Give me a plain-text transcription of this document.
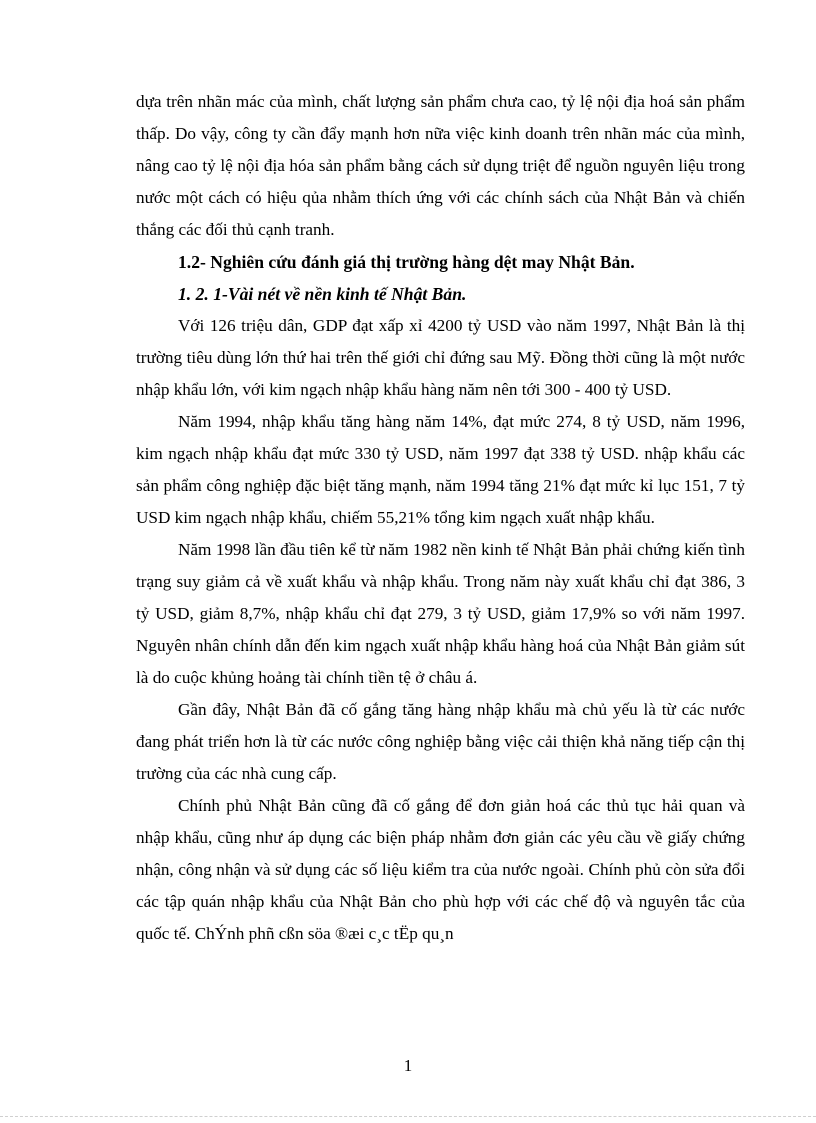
dựa trên nhãn mác của mình, chất lượng sản phẩm chưa cao, tỷ lệ nội địa hoá sản phẩm thấp. Do vậy, công ty cần đẩy mạnh hơn nữa việc kinh doanh trên nhãn mác của mình, nâng cao tỷ lệ nội địa hóa sản phẩm bằng cách sử dụng triệt để nguồn nguyên liệu trong nước một cách có hiệu qủa nhằm thích ứng với các chính sách của Nhật Bản và chiến thắng các đối thủ cạnh tranh.

1.2- Nghiên cứu đánh giá thị trường hàng dệt may Nhật Bản.

1. 2. 1-Vài nét về nền kinh tế Nhật Bản.

Với 126 triệu dân, GDP đạt xấp xỉ 4200 tỷ USD vào năm 1997, Nhật Bản là thị trường tiêu dùng lớn thứ hai trên thế giới chỉ đứng sau Mỹ. Đồng thời cũng là một nước nhập khẩu lớn, với kim ngạch nhập khẩu hàng năm nên tới 300 - 400 tỷ USD.

Năm 1994, nhập khẩu tăng hàng năm 14%, đạt mức 274, 8 tỷ USD, năm 1996, kim ngạch nhập khẩu đạt mức 330 tỷ USD, năm 1997 đạt 338 tỷ USD. nhập khẩu các sản phẩm công nghiệp đặc biệt tăng mạnh, năm 1994 tăng 21% đạt mức kỉ lục 151, 7 tỷ USD kim ngạch nhập khẩu, chiếm 55,21% tổng kim ngạch xuất nhập khẩu.

Năm 1998 lần đầu tiên kể từ năm 1982 nền kinh tế Nhật Bản phải chứng kiến tình trạng suy giảm cả về xuất khẩu và nhập khẩu. Trong năm này xuất khẩu chỉ đạt 386, 3 tỷ USD, giảm 8,7%, nhập khẩu chỉ đạt 279, 3 tỷ USD, giảm 17,9% so với năm 1997. Nguyên nhân chính dẫn đến kim ngạch xuất nhập khẩu hàng hoá của Nhật Bản giảm sút là do cuộc khủng hoảng tài chính tiền tệ ở châu á.

Gần đây, Nhật Bản đã cố gắng tăng hàng nhập khẩu mà chủ yếu là từ các nước đang phát triển hơn là từ các nước công nghiệp bằng việc cải thiện khả năng tiếp cận thị trường của các nhà cung cấp.

Chính phủ Nhật Bản cũng đã cố gắng để đơn giản hoá các thủ tục hải quan và nhập khẩu, cũng như áp dụng các biện pháp nhằm đơn giản các yêu cầu về giấy chứng nhận, công nhận và sử dụng các số liệu kiểm tra của nước ngoài. Chính phủ còn sửa đổi các tập quán nhập khẩu của Nhật Bản cho phù hợp với các chế độ và nguyên tắc của quốc tế. ChÝnh phñ cßn söa ®æi c¸c tËp qu¸n

1
